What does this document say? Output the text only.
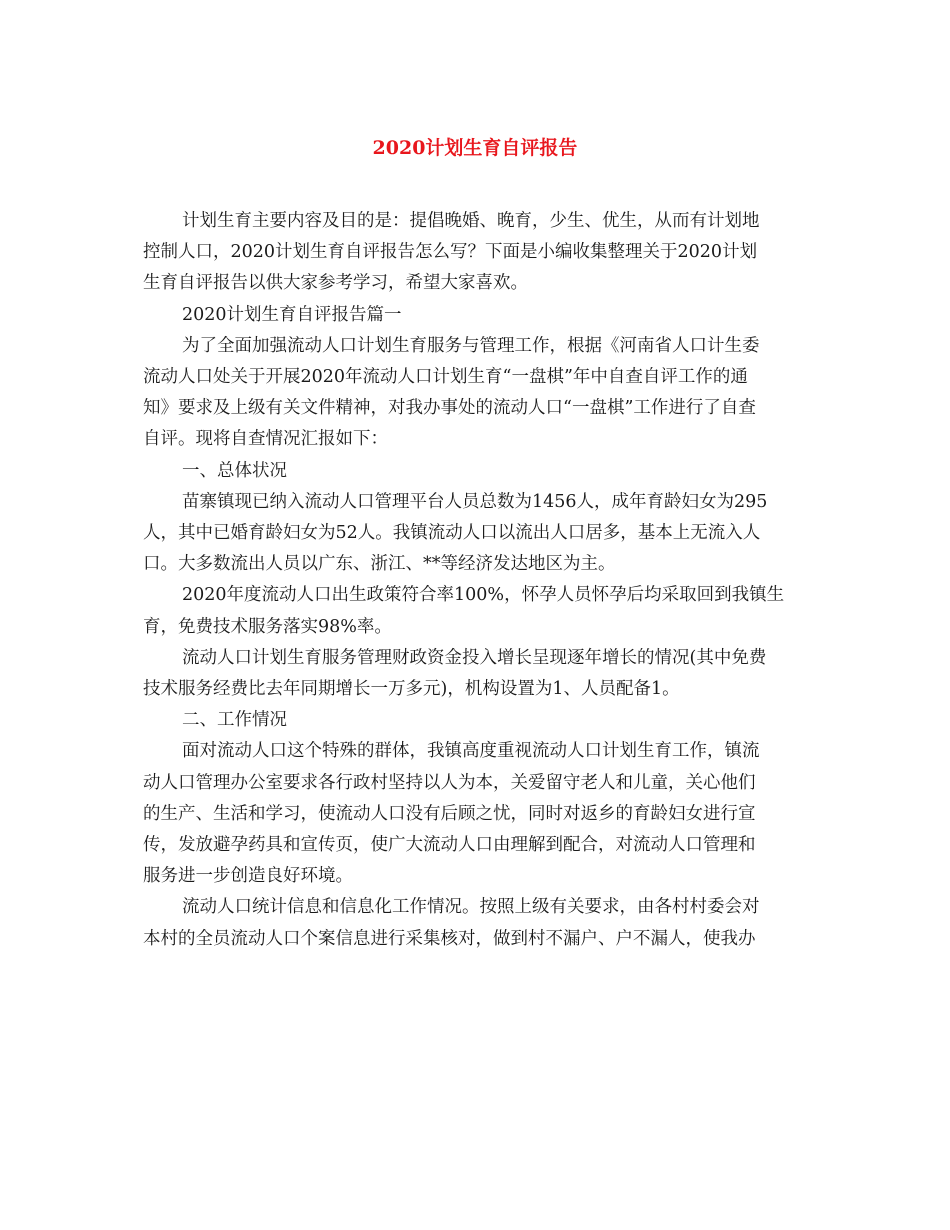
2020计划生育自评报告

计划生育主要内容及目的是：提倡晚婚、晚育，少生、优生，从而有计划地
控制人口，2020计划生育自评报告怎么写？下面是小编收集整理关于2020计划
生育自评报告以供大家参考学习，希望大家喜欢。

2020计划生育自评报告篇一

为了全面加强流动人口计划生育服务与管理工作，根据《河南省人口计生委
流动人口处关于开展2020年流动人口计划生育“一盘棋”年中自查自评工作的通
知》要求及上级有关文件精神，对我办事处的流动人口“一盘棋”工作进行了自查
自评。现将自查情况汇报如下：

一、总体状况

苗寨镇现已纳入流动人口管理平台人员总数为1456人，成年育龄妇女为295
人，其中已婚育龄妇女为52人。我镇流动人口以流出人口居多，基本上无流入人
口。大多数流出人员以广东、浙江、**等经济发达地区为主。

2020年度流动人口出生政策符合率100%，怀孕人员怀孕后均采取回到我镇生
育，免费技术服务落实98%率。

流动人口计划生育服务管理财政资金投入增长呈现逐年增长的情况(其中免费
技术服务经费比去年同期增长一万多元)，机构设置为1、人员配备1。

二、工作情况

面对流动人口这个特殊的群体，我镇高度重视流动人口计划生育工作，镇流
动人口管理办公室要求各行政村坚持以人为本，关爱留守老人和儿童，关心他们
的生产、生活和学习，使流动人口没有后顾之忧，同时对返乡的育龄妇女进行宣
传，发放避孕药具和宣传页，使广大流动人口由理解到配合，对流动人口管理和
服务进一步创造良好环境。

流动人口统计信息和信息化工作情况。按照上级有关要求，由各村村委会对
本村的全员流动人口个案信息进行采集核对，做到村不漏户、户不漏人，使我办
